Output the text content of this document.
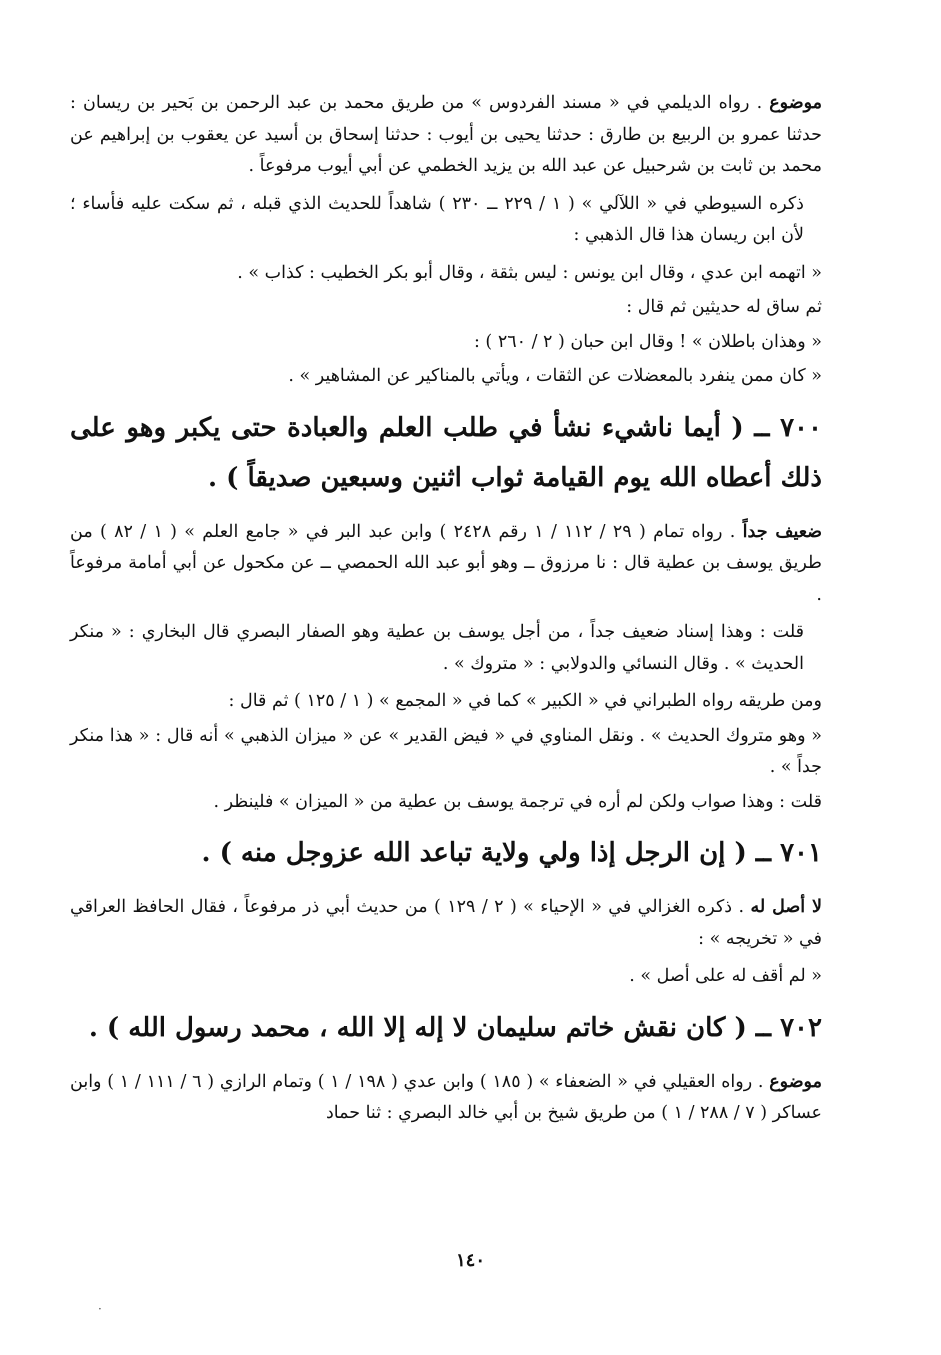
موضوع . رواه الديلمي في « مسند الفردوس » من طريق محمد بن عبد الرحمن بن بَحير بن ريسان : حدثنا عمرو بن الربيع بن طارق : حدثنا يحيى بن أيوب : حدثنا إسحاق بن أسيد عن يعقوب بن إبراهيم عن محمد بن ثابت بن شرحبيل عن عبد الله بن يزيد الخطمي عن أبي أيوب مرفوعاً .

ذكره السيوطي في « اللآلي » ( ١ / ٢٢٩ ــ ٢٣٠ ) شاهداً للحديث الذي قبله ، ثم سكت عليه فأساء ؛ لأن ابن ريسان هذا قال الذهبي :

« اتهمه ابن عدي ، وقال ابن يونس : ليس بثقة ، وقال أبو بكر الخطيب : كذاب » .

ثم ساق له حديثين ثم قال :

« وهذان باطلان » ! وقال ابن حبان ( ٢ / ٢٦٠ ) :

« كان ممن ينفرد بالمعضلات عن الثقات ، ويأتي بالمناكير عن المشاهير » .

٧٠٠ ــ ( أيما ناشيء نشأ في طلب العلم والعبادة حتى يكبر وهو على ذلك أعطاه الله يوم القيامة ثواب اثنين وسبعين صديقاً ) .

ضعيف جداً . رواه تمام ( ٢٩ / ١١٢ / ١ رقم ٢٤٢٨ ) وابن عبد البر في « جامع العلم » ( ١ / ٨٢ ) من طريق يوسف بن عطية قال : نا مرزوق ــ وهو أبو عبد الله الحمصي ــ عن مكحول عن أبي أمامة مرفوعاً .

قلت : وهذا إسناد ضعيف جداً ، من أجل يوسف بن عطية وهو الصفار البصري قال البخاري : « منكر الحديث » . وقال النسائي والدولابي : « متروك » .

ومن طريقه رواه الطبراني في « الكبير » كما في « المجمع » ( ١ / ١٢٥ ) ثم قال :

« وهو متروك الحديث » . ونقل المناوي في « فيض القدير » عن « ميزان الذهبي » أنه قال : « هذا منكر جداً » .

قلت : وهذا صواب ولكن لم أره في ترجمة يوسف بن عطية من « الميزان » فلينظر .

٧٠١ ــ ( إن الرجل إذا ولي ولاية تباعد الله عزوجل منه ) .

لا أصل له . ذكره الغزالي في « الإحياء » ( ٢ / ١٢٩ ) من حديث أبي ذر مرفوعاً ، فقال الحافظ العراقي في « تخريجه » :

« لم أقف له على أصل » .

٧٠٢ ــ ( كان نقش خاتم سليمان لا إله إلا الله ، محمد رسول الله ) .

موضوع . رواه العقيلي في « الضعفاء » ( ١٨٥ ) وابن عدي ( ١٩٨ / ١ ) وتمام الرازي ( ٦ / ١١١ / ١ ) وابن عساكر ( ٧ / ٢٨٨ / ١ ) من طريق شيخ بن أبي خالد البصري : ثنا حماد

١٤٠
·
